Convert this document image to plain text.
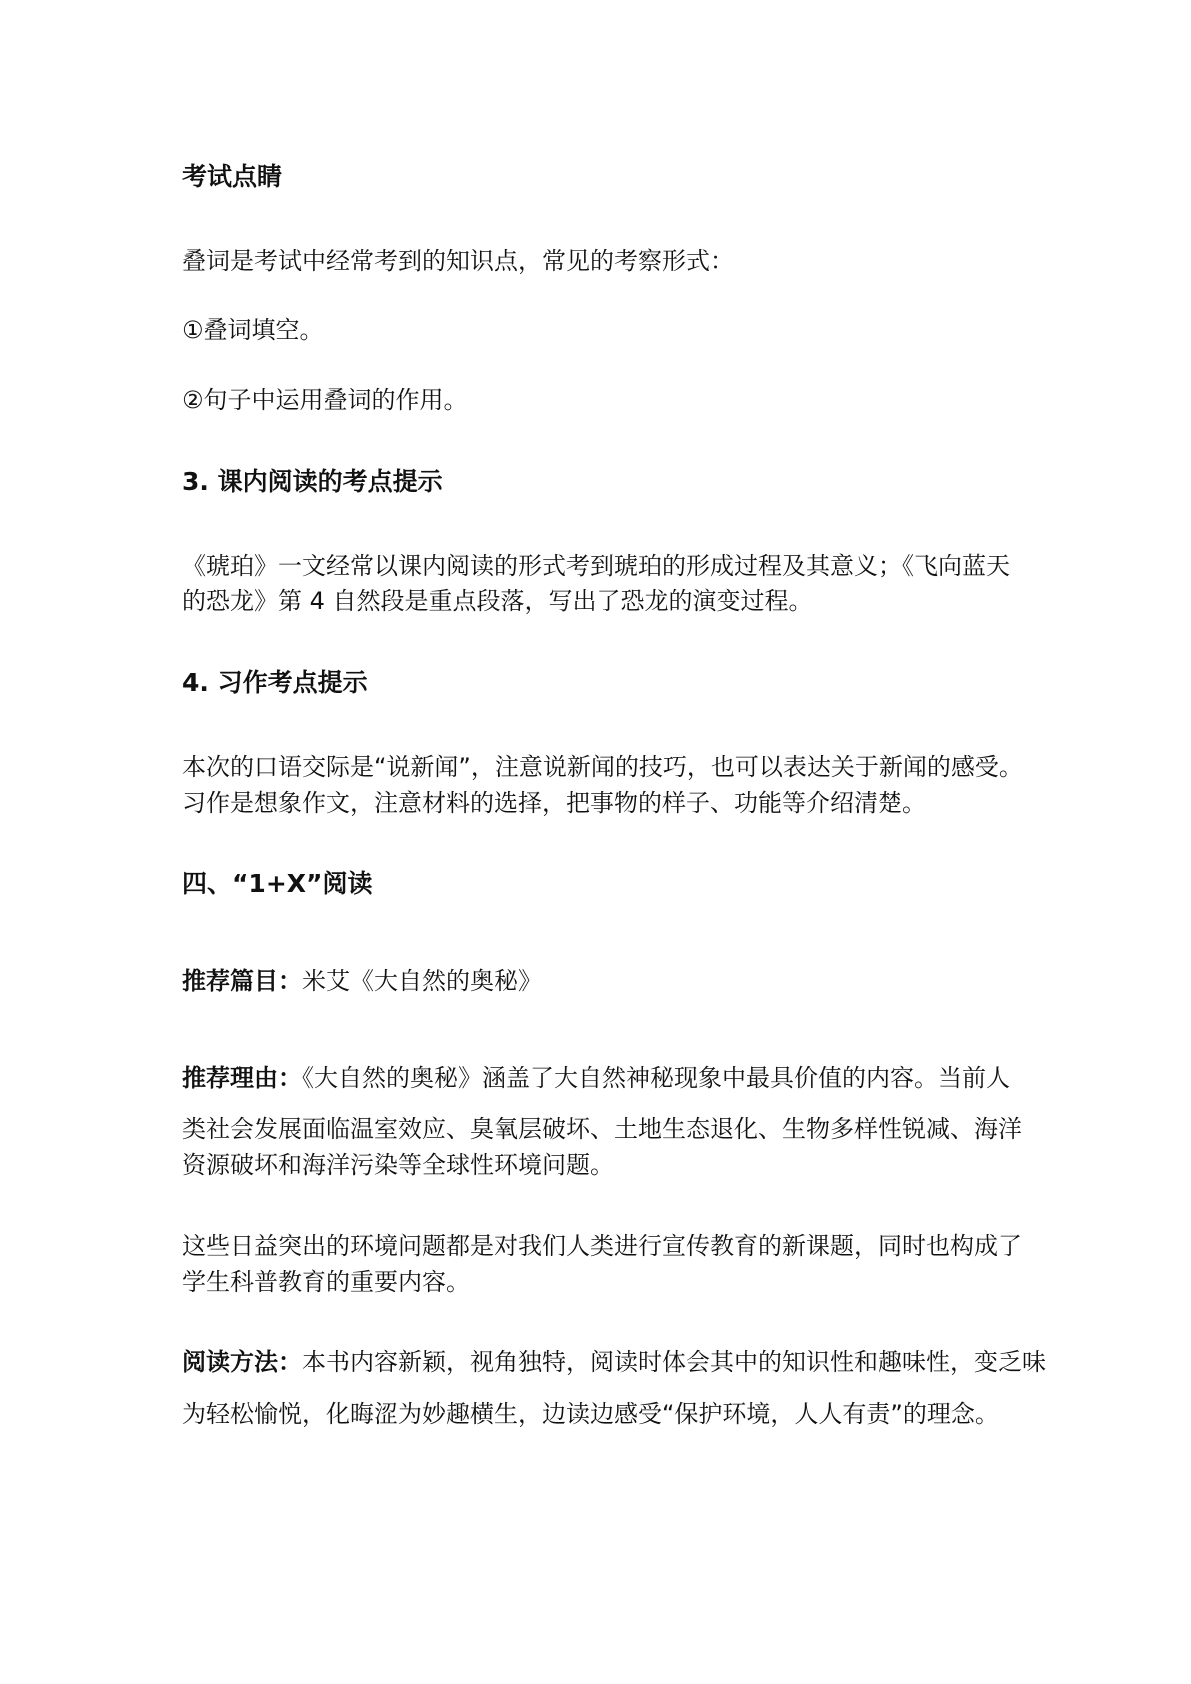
考试点睛

叠词是考试中经常考到的知识点，常见的考察形式：

①叠词填空。

②句子中运用叠词的作用。

3. 课内阅读的考点提示

《琥珀》一文经常以课内阅读的形式考到琥珀的形成过程及其意义；《飞向蓝天

的恐龙》第 4 自然段是重点段落，写出了恐龙的演变过程。

4. 习作考点提示

本次的口语交际是“说新闻”，注意说新闻的技巧，也可以表达关于新闻的感受。

习作是想象作文，注意材料的选择，把事物的样子、功能等介绍清楚。

四、“1+X”阅读

推荐篇目：米艾《大自然的奥秘》

推荐理由：《大自然的奥秘》涵盖了大自然神秘现象中最具价值的内容。当前人

类社会发展面临温室效应、臭氧层破坏、土地生态退化、生物多样性锐减、海洋

资源破坏和海洋污染等全球性环境问题。

这些日益突出的环境问题都是对我们人类进行宣传教育的新课题，同时也构成了

学生科普教育的重要内容。

阅读方法：本书内容新颖，视角独特，阅读时体会其中的知识性和趣味性，变乏味

为轻松愉悦，化晦涩为妙趣横生，边读边感受“保护环境，人人有责”的理念。
